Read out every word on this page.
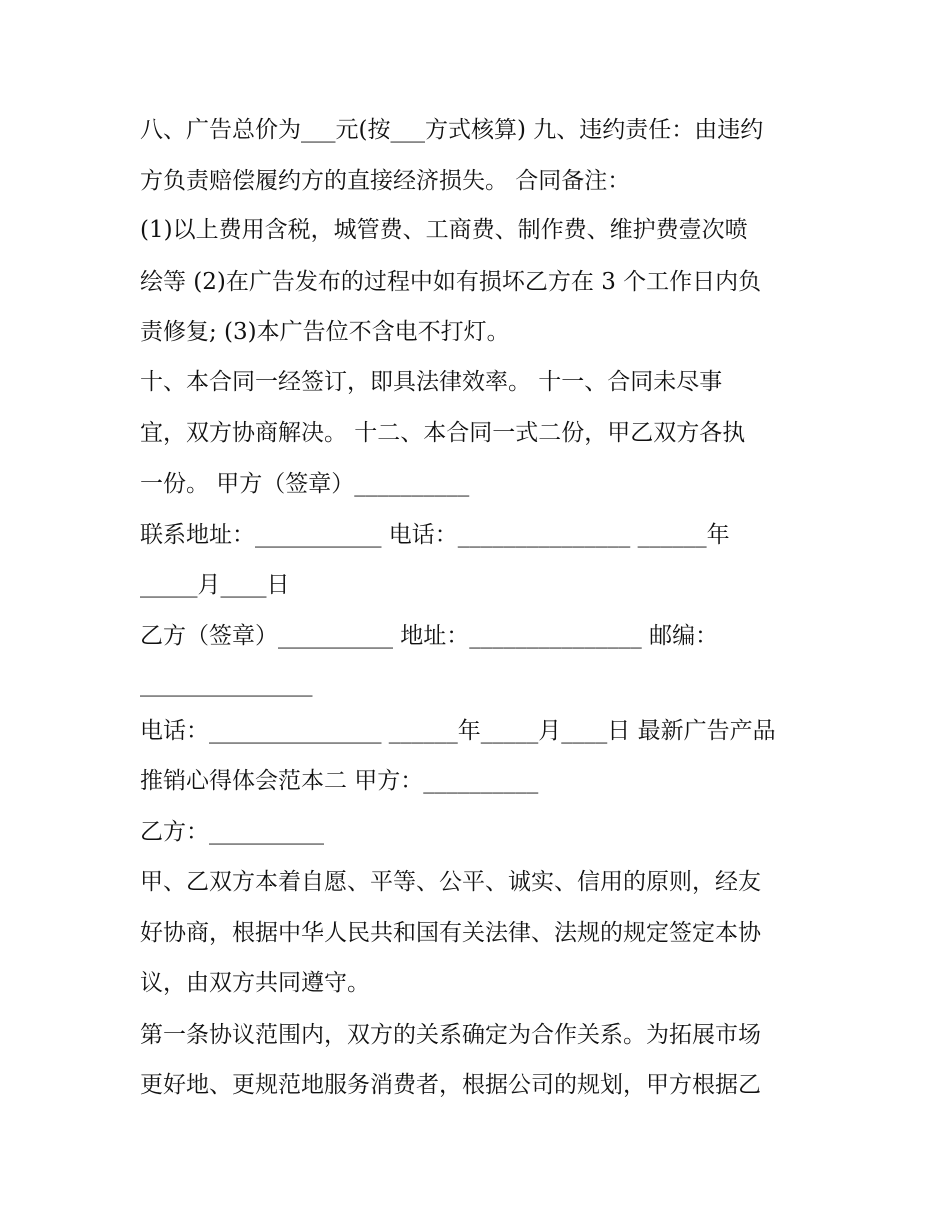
八、广告总价为___元(按___方式核算) 九、违约责任：由违约
方负责赔偿履约方的直接经济损失。 合同备注：
(1)以上费用含税，城管费、工商费、制作费、维护费壹次喷
绘等 (2)在广告发布的过程中如有损坏乙方在 3 个工作日内负
责修复; (3)本广告位不含电不打灯。
十、本合同一经签订，即具法律效率。 十一、合同未尽事
宜，双方协商解决。 十二、本合同一式二份，甲乙双方各执
一份。 甲方（签章）__________
联系地址：___________ 电话：_______________ ______年
_____月____日
乙方（签章）__________ 地址：_______________ 邮编：
_______________
电话：_______________ ______年_____月____日 最新广告产品
推销心得体会范本二 甲方：__________
乙方：__________
甲、乙双方本着自愿、平等、公平、诚实、信用的原则，经友
好协商，根据中华人民共和国有关法律、法规的规定签定本协
议，由双方共同遵守。
第一条协议范围内，双方的关系确定为合作关系。为拓展市场
更好地、更规范地服务消费者，根据公司的规划，甲方根据乙
